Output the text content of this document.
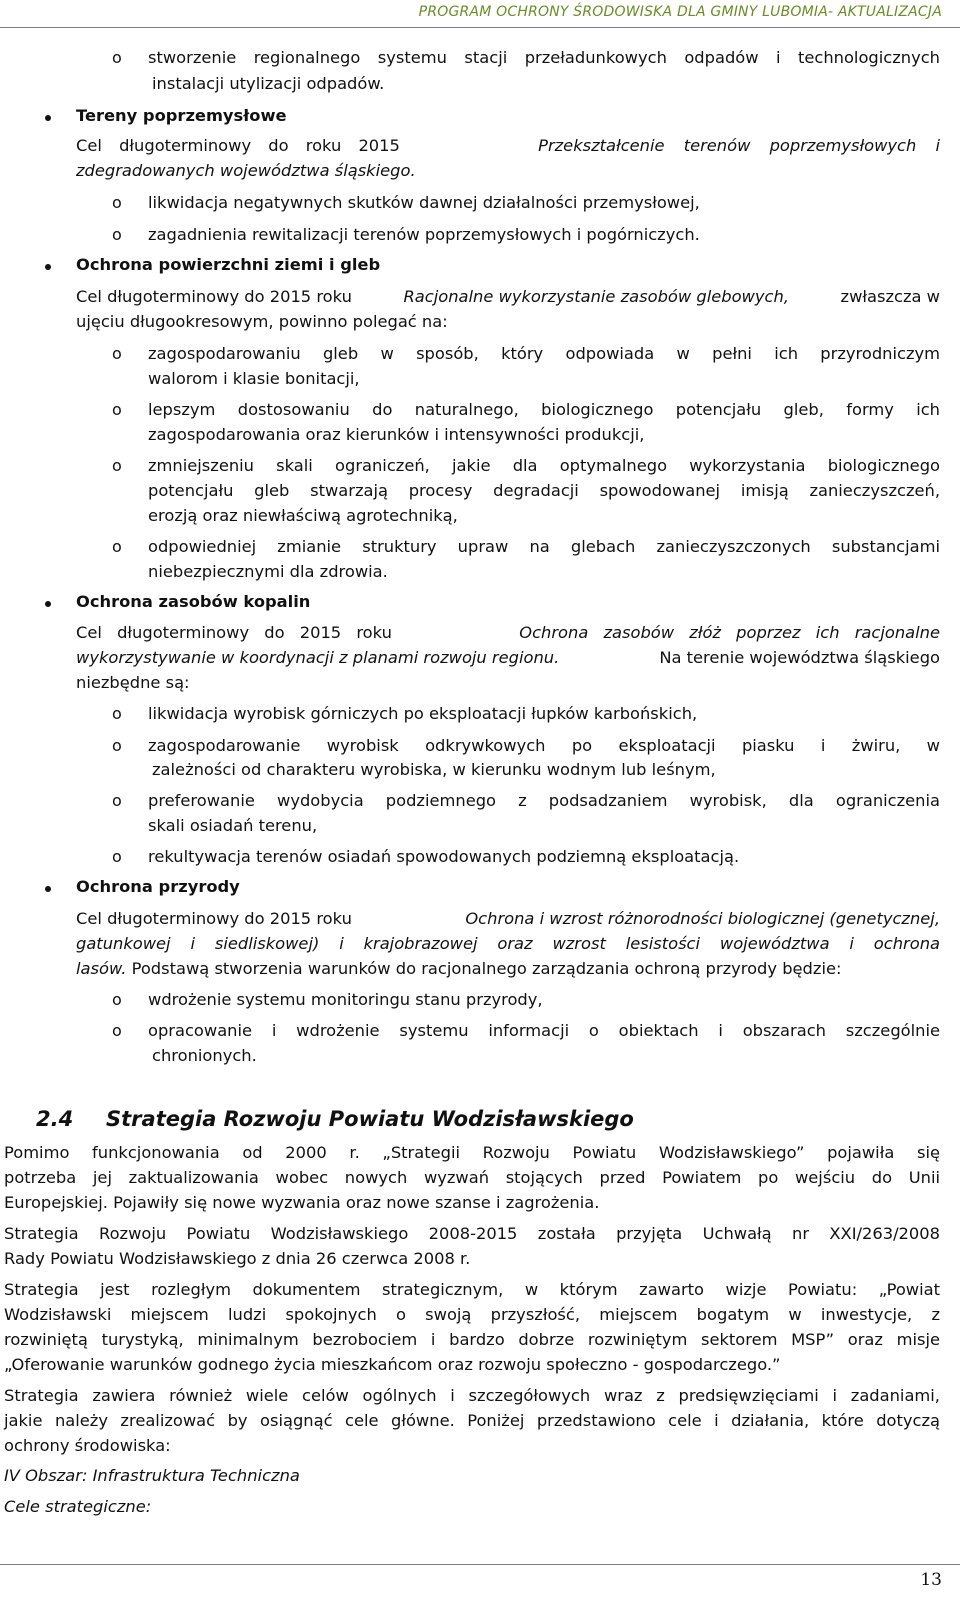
PROGRAM OCHRONY ŚRODOWISKA DLA GMINY LUBOMIA- AKTUALIZACJA
o stworzenie regionalnego systemu stacji przeładunkowych odpadów i technologicznych
instalacji utylizacji odpadów.
Tereny poprzemysłowe
Cel długoterminowy do roku 2015	Przekształcenie terenów poprzemysłowych i
zdegradowanych województwa śląskiego.
o likwidacja negatywnych skutków dawnej działalności przemysłowej,
o zagadnienia rewitalizacji terenów poprzemysłowych i pogórniczych.
Ochrona powierzchni ziemi i gleb
Cel długoterminowy do 2015 roku	Racjonalne wykorzystanie zasobów glebowych,	zwłaszcza w
ujęciu długookresowym, powinno polegać na:
o zagospodarowaniu gleb w sposób, który odpowiada w pełni ich przyrodniczym
walorom i klasie bonitacji,
o lepszym dostosowaniu do naturalnego, biologicznego potencjału gleb, formy ich
zagospodarowania oraz kierunków i intensywności produkcji,
o zmniejszeniu skali ograniczeń, jakie dla optymalnego wykorzystania biologicznego
potencjału gleb stwarzają procesy degradacji spowodowanej imisją zanieczyszczeń,
erozją oraz niewłaściwą agrotechniką,
o odpowiedniej zmianie struktury upraw na glebach zanieczyszczonych substancjami
niebezpiecznymi dla zdrowia.
Ochrona zasobów kopalin
Cel długoterminowy do 2015 roku	Ochrona zasobów złóż poprzez ich racjonalne
wykorzystywanie w koordynacji z planami rozwoju regionu.	Na terenie województwa śląskiego
niezbędne są:
o likwidacja wyrobisk górniczych po eksploatacji łupków karbońskich,
o zagospodarowanie wyrobisk odkrywkowych po eksploatacji piasku i żwiru, w
zależności od charakteru wyrobiska, w kierunku wodnym lub leśnym,
o preferowanie wydobycia podziemnego z podsadzaniem wyrobisk, dla ograniczenia
skali osiadań terenu,
o rekultywacja terenów osiadań spowodowanych podziemną eksploatacją.
Ochrona przyrody
Cel długoterminowy do 2015 roku	Ochrona i wzrost różnorodności biologicznej (genetycznej,
gatunkowej i siedliskowej) i krajobrazowej oraz wzrost lesistości województwa i ochrona
lasów. Podstawą stworzenia warunków do racjonalnego zarządzania ochroną przyrody będzie:
o wdrożenie systemu monitoringu stanu przyrody,
o opracowanie i wdrożenie systemu informacji o obiektach i obszarach szczególnie
chronionych.
2.4 Strategia Rozwoju Powiatu Wodzisławskiego
Pomimo funkcjonowania od 2000 r. „Strategii Rozwoju Powiatu Wodzisławskiego” pojawiła się
potrzeba jej zaktualizowania wobec nowych wyzwań stojących przed Powiatem po wejściu do Unii
Europejskiej. Pojawiły się nowe wyzwania oraz nowe szanse i zagrożenia.
Strategia Rozwoju Powiatu Wodzisławskiego 2008-2015 została przyjęta Uchwałą nr XXI/263/2008
Rady Powiatu Wodzisławskiego z dnia 26 czerwca 2008 r.
Strategia jest rozległym dokumentem strategicznym, w którym zawarto wizje Powiatu: „Powiat
Wodzisławski miejscem ludzi spokojnych o swoją przyszłość, miejscem bogatym w inwestycje, z
rozwiniętą turystyką, minimalnym bezrobociem i bardzo dobrze rozwiniętym sektorem MSP” oraz misje
„Oferowanie warunków godnego życia mieszkańcom oraz rozwoju społeczno - gospodarczego.”
Strategia zawiera również wiele celów ogólnych i szczegółowych wraz z predsięwzięciami i zadaniami,
jakie należy zrealizować by osiągnąć cele główne. Poniżej przedstawiono cele i działania, które dotyczą
ochrony środowiska:
IV Obszar: Infrastruktura Techniczna
Cele strategiczne:
13
